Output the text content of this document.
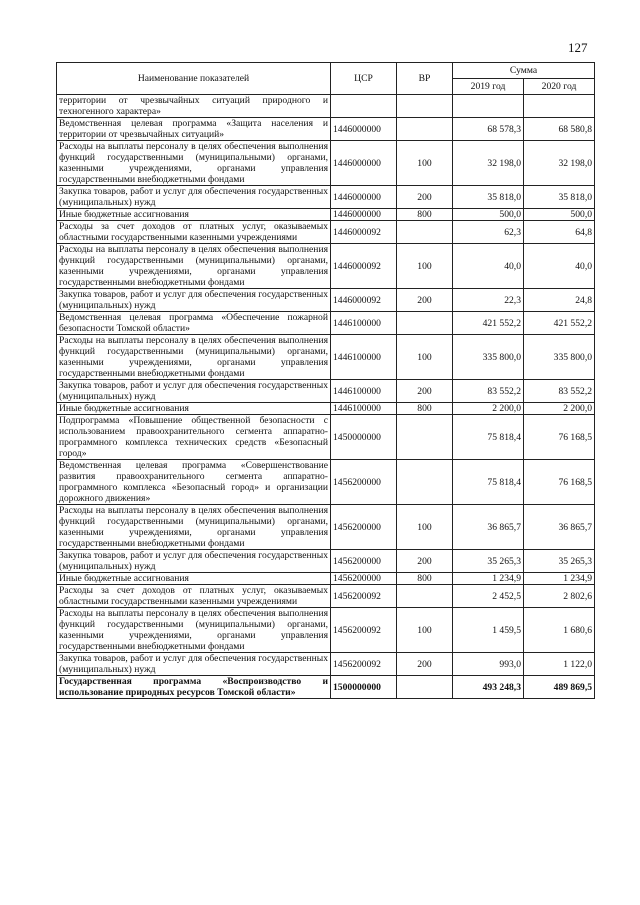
127
Наименование показателей	ЦСР	ВР	Сумма	
			2019 год	2020 год
территории от чрезвычайных ситуаций природного и техногенного характера»				
Ведомственная целевая программа «Защита населения и территории от чрезвычайных ситуаций»	1446000000		68 578,3	68 580,8
Расходы на выплаты персоналу в целях обеспечения выполнения функций государственными (муниципальными) органами, казенными учреждениями, органами управления государственными внебюджетными фондами	1446000000	100	32 198,0	32 198,0
Закупка товаров, работ и услуг для обеспечения государственных (муниципальных) нужд	1446000000	200	35 818,0	35 818,0
Иные бюджетные ассигнования	1446000000	800	500,0	500,0
Расходы за счет доходов от платных услуг, оказываемых областными государственными казенными учреждениями	1446000092		62,3	64,8
Расходы на выплаты персоналу в целях обеспечения выполнения функций государственными (муниципальными) органами, казенными учреждениями, органами управления государственными внебюджетными фондами	1446000092	100	40,0	40,0
Закупка товаров, работ и услуг для обеспечения государственных (муниципальных) нужд	1446000092	200	22,3	24,8
Ведомственная целевая программа «Обеспечение пожарной безопасности Томской области»	1446100000		421 552,2	421 552,2
Расходы на выплаты персоналу в целях обеспечения выполнения функций государственными (муниципальными) органами, казенными учреждениями, органами управления государственными внебюджетными фондами	1446100000	100	335 800,0	335 800,0
Закупка товаров, работ и услуг для обеспечения государственных (муниципальных) нужд	1446100000	200	83 552,2	83 552,2
Иные бюджетные ассигнования	1446100000	800	2 200,0	2 200,0
Подпрограмма «Повышение общественной безопасности с использованием правоохранительного сегмента аппаратно-программного комплекса технических средств «Безопасный город»	1450000000		75 818,4	76 168,5
Ведомственная целевая программа «Совершенствование развития правоохранительного сегмента аппаратно-программного комплекса «Безопасный город» и организации дорожного движения»	1456200000		75 818,4	76 168,5
Расходы на выплаты персоналу в целях обеспечения выполнения функций государственными (муниципальными) органами, казенными учреждениями, органами управления государственными внебюджетными фондами	1456200000	100	36 865,7	36 865,7
Закупка товаров, работ и услуг для обеспечения государственных (муниципальных) нужд	1456200000	200	35 265,3	35 265,3
Иные бюджетные ассигнования	1456200000	800	1 234,9	1 234,9
Расходы за счет доходов от платных услуг, оказываемых областными государственными казенными учреждениями	1456200092		2 452,5	2 802,6
Расходы на выплаты персоналу в целях обеспечения выполнения функций государственными (муниципальными) органами, казенными учреждениями, органами управления государственными внебюджетными фондами	1456200092	100	1 459,5	1 680,6
Закупка товаров, работ и услуг для обеспечения государственных (муниципальных) нужд	1456200092	200	993,0	1 122,0
Государственная программа «Воспроизводство и использование природных ресурсов Томской области»	1500000000		493 248,3	489 869,5
